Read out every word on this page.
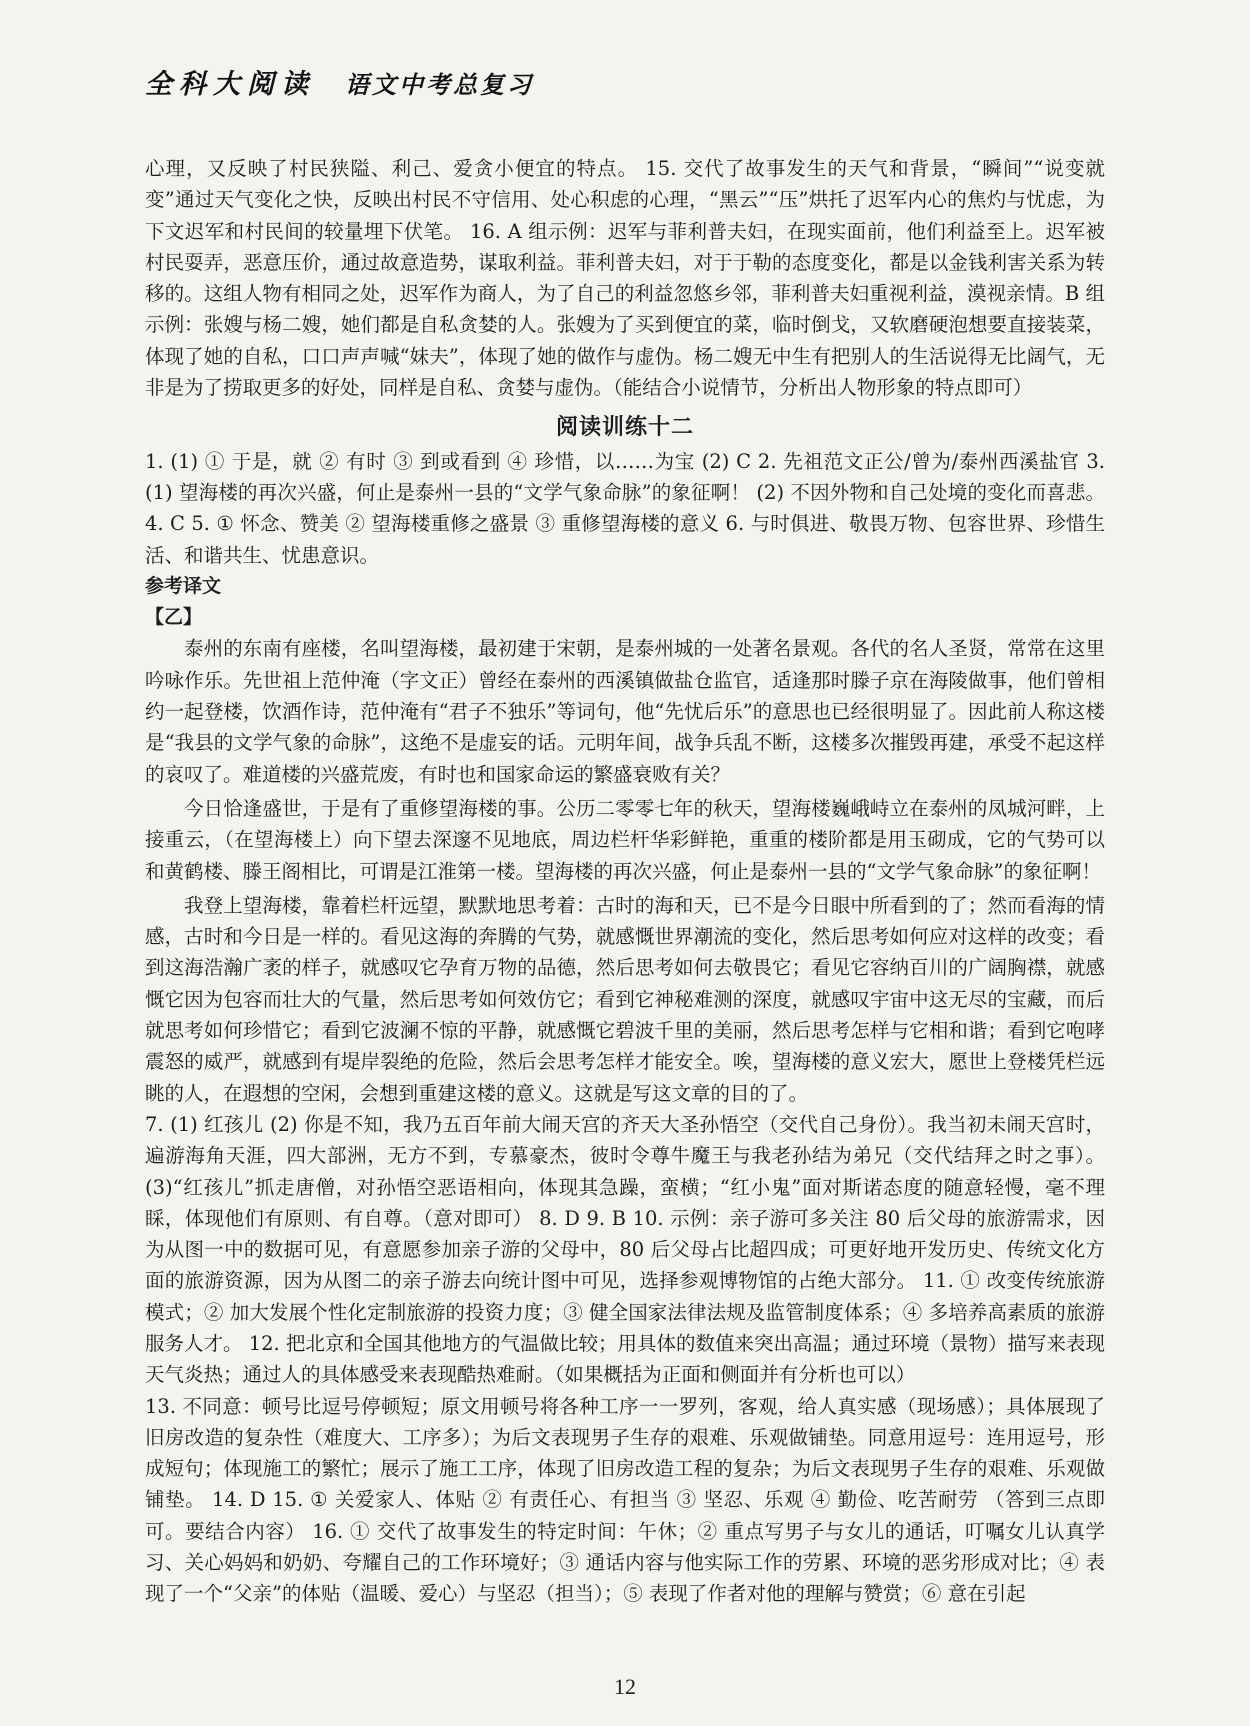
全科大阅读 语文中考总复习

心理，又反映了村民狭隘、利己、爱贪小便宜的特点。 15. 交代了故事发生的天气和背景，“瞬间”“说变就变”通过天气变化之快，反映出村民不守信用、处心积虑的心理，“黑云”“压”烘托了迟军内心的焦灼与忧虑，为下文迟军和村民间的较量埋下伏笔。 16. A 组示例：迟军与菲利普夫妇，在现实面前，他们利益至上。迟军被村民耍弄，恶意压价，通过故意造势，谋取利益。菲利普夫妇，对于于勒的态度变化，都是以金钱利害关系为转移的。这组人物有相同之处，迟军作为商人，为了自己的利益忽悠乡邻，菲利普夫妇重视利益，漠视亲情。B 组示例：张嫂与杨二嫂，她们都是自私贪婪的人。张嫂为了买到便宜的菜，临时倒戈，又软磨硬泡想要直接装菜，体现了她的自私，口口声声喊“妹夫”，体现了她的做作与虚伪。杨二嫂无中生有把别人的生活说得无比阔气，无非是为了捞取更多的好处，同样是自私、贪婪与虚伪。（能结合小说情节，分析出人物形象的特点即可）

阅读训练十二

1. (1) ① 于是，就 ② 有时 ③ 到或看到 ④ 珍惜，以……为宝 (2) C 2. 先祖范文正公/曾为/泰州西溪盐官 3. (1) 望海楼的再次兴盛，何止是泰州一县的“文学气象命脉”的象征啊！ (2) 不因外物和自己处境的变化而喜悲。 4. C 5. ① 怀念、赞美 ② 望海楼重修之盛景 ③ 重修望海楼的意义 6. 与时俱进、敬畏万物、包容世界、珍惜生活、和谐共生、忧患意识。

参考译文

【乙】

泰州的东南有座楼，名叫望海楼，最初建于宋朝，是泰州城的一处著名景观。各代的名人圣贤，常常在这里吟咏作乐。先世祖上范仲淹（字文正）曾经在泰州的西溪镇做盐仓监官，适逢那时滕子京在海陵做事，他们曾相约一起登楼，饮酒作诗，范仲淹有“君子不独乐”等词句，他“先忧后乐”的意思也已经很明显了。因此前人称这楼是“我县的文学气象的命脉”，这绝不是虚妄的话。元明年间，战争兵乱不断，这楼多次摧毁再建，承受不起这样的哀叹了。难道楼的兴盛荒废，有时也和国家命运的繁盛衰败有关？

今日恰逢盛世，于是有了重修望海楼的事。公历二零零七年的秋天，望海楼巍峨峙立在泰州的凤城河畔，上接重云，（在望海楼上）向下望去深邃不见地底，周边栏杆华彩鲜艳，重重的楼阶都是用玉砌成，它的气势可以和黄鹤楼、滕王阁相比，可谓是江淮第一楼。望海楼的再次兴盛，何止是泰州一县的“文学气象命脉”的象征啊！

我登上望海楼，靠着栏杆远望，默默地思考着：古时的海和天，已不是今日眼中所看到的了；然而看海的情感，古时和今日是一样的。看见这海的奔腾的气势，就感慨世界潮流的变化，然后思考如何应对这样的改变；看到这海浩瀚广袤的样子，就感叹它孕育万物的品德，然后思考如何去敬畏它；看见它容纳百川的广阔胸襟，就感慨它因为包容而壮大的气量，然后思考如何效仿它；看到它神秘难测的深度，就感叹宇宙中这无尽的宝藏，而后就思考如何珍惜它；看到它波澜不惊的平静，就感慨它碧波千里的美丽，然后思考怎样与它相和谐；看到它咆哮震怒的威严，就感到有堤岸裂绝的危险，然后会思考怎样才能安全。唉，望海楼的意义宏大，愿世上登楼凭栏远眺的人，在遐想的空闲，会想到重建这楼的意义。这就是写这文章的目的了。

7. (1) 红孩儿 (2) 你是不知，我乃五百年前大闹天宫的齐天大圣孙悟空（交代自己身份）。我当初未闹天宫时，遍游海角天涯，四大部洲，无方不到，专慕豪杰，彼时令尊牛魔王与我老孙结为弟兄（交代结拜之时之事）。 (3)“红孩儿”抓走唐僧，对孙悟空恶语相向，体现其急躁，蛮横；“红小鬼”面对斯诺态度的随意轻慢，毫不理睬，体现他们有原则、有自尊。（意对即可） 8. D 9. B 10. 示例：亲子游可多关注 80 后父母的旅游需求，因为从图一中的数据可见，有意愿参加亲子游的父母中，80 后父母占比超四成；可更好地开发历史、传统文化方面的旅游资源，因为从图二的亲子游去向统计图中可见，选择参观博物馆的占绝大部分。 11. ① 改变传统旅游模式；② 加大发展个性化定制旅游的投资力度；③ 健全国家法律法规及监管制度体系；④ 多培养高素质的旅游服务人才。 12. 把北京和全国其他地方的气温做比较；用具体的数值来突出高温；通过环境（景物）描写来表现天气炎热；通过人的具体感受来表现酷热难耐。（如果概括为正面和侧面并有分析也可以）

13. 不同意：顿号比逗号停顿短；原文用顿号将各种工序一一罗列，客观，给人真实感（现场感）；具体展现了旧房改造的复杂性（难度大、工序多）；为后文表现男子生存的艰难、乐观做铺垫。同意用逗号：连用逗号，形成短句；体现施工的繁忙；展示了施工工序，体现了旧房改造工程的复杂；为后文表现男子生存的艰难、乐观做铺垫。 14. D 15. ① 关爱家人、体贴 ② 有责任心、有担当 ③ 坚忍、乐观 ④ 勤俭、吃苦耐劳 （答到三点即可。要结合内容） 16. ① 交代了故事发生的特定时间：午休；② 重点写男子与女儿的通话，叮嘱女儿认真学习、关心妈妈和奶奶、夸耀自己的工作环境好；③ 通话内容与他实际工作的劳累、环境的恶劣形成对比；④ 表现了一个“父亲”的体贴（温暖、爱心）与坚忍（担当）；⑤ 表现了作者对他的理解与赞赏；⑥ 意在引起

12
